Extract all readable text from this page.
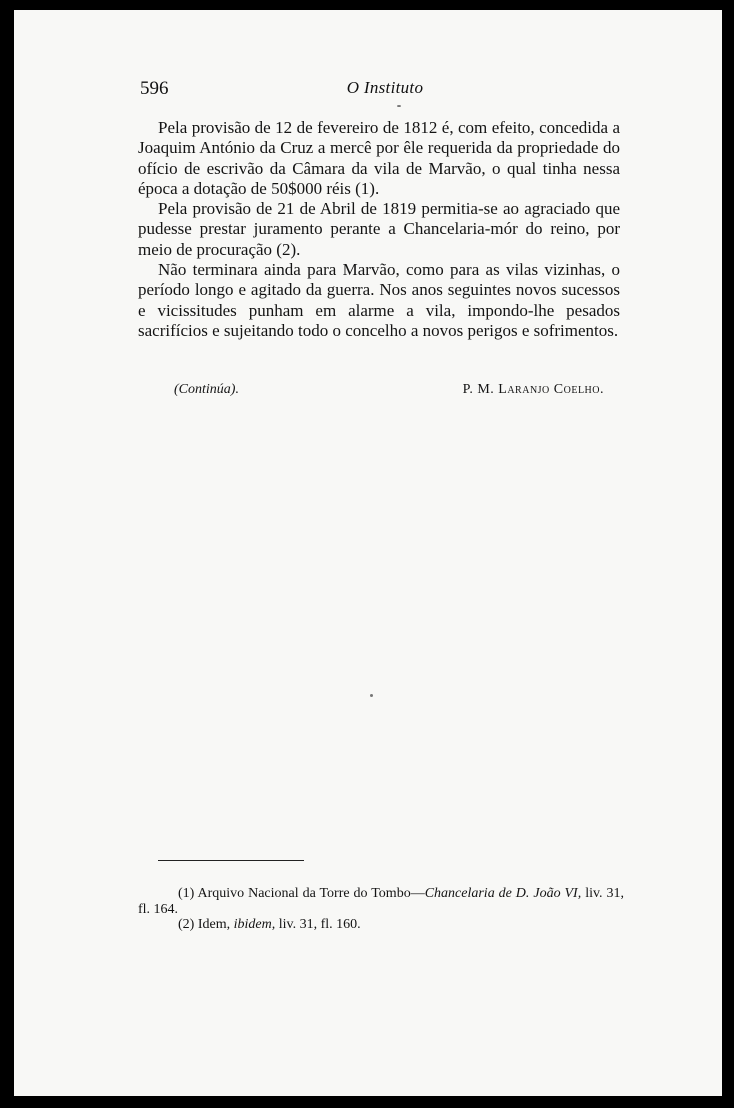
596	O Instituto

Pela provisão de 12 de fevereiro de 1812 é, com efeito, concedida a Joaquim António da Cruz a mercê por êle requerida da propriedade do ofício de escrivão da Câmara da vila de Marvão, o qual tinha nessa época a dotação de 50$000 réis (1).

Pela provisão de 21 de Abril de 1819 permitia-se ao agraciado que pudesse prestar juramento perante a Chancelaria-mór do reino, por meio de procuração (2).

Não terminara ainda para Marvão, como para as vilas vizinhas, o período longo e agitado da guerra. Nos anos seguintes novos sucessos e vicissitudes punham em alarme a vila, impondo-lhe pesados sacrifícios e sujeitando todo o concelho a novos perigos e sofrimentos.

(Continúa).	P. M. Laranjo Coelho.

(1) Arquivo Nacional da Torre do Tombo—Chancelaria de D. João VI, liv. 31, fl. 164.

(2) Idem, ibidem, liv. 31, fl. 160.
